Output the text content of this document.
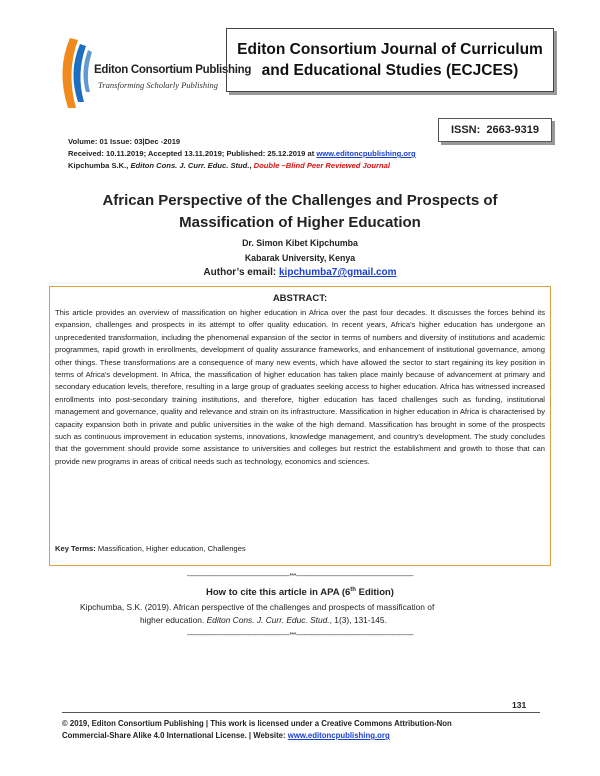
Editon Consortium Publishing
Transforming Scholarly Publishing
Editon Consortium Journal of Curriculum
and Educational Studies (ECJCES)
ISSN:
2663-9319
Volume: 01 Issue: 03|Dec -2019
Received: 10.11.2019; Accepted 13.11.2019; Published: 25.12.2019 at www.editoncpublishing.org
Kipchumba S.K., Editon Cons. J. Curr. Educ. Stud., Double –Blind Peer Reviewed Journal
African Perspective of the Challenges and Prospects of
Massification of Higher Education
Dr. Simon Kibet Kipchumba
Kabarak University, Kenya
Author’s email: kipchumba7@gmail.com
ABSTRACT:
This article provides an overview of massification on higher education in Africa over the past four decades. It discusses the forces behind its expansion, challenges and prospects in its attempt to offer quality education. In recent years, Africa's higher education has undergone an unprecedented transformation, including the phenomenal expansion of the sector in terms of numbers and diversity of institutions and academic programmes, rapid growth in enrollments, development of quality assurance frameworks, and enhancement of institutional governance, among other things. These transformations are a consequence of many new events, which have allowed the sector to start regaining its key position in terms of Africa's development. In Africa, the massification of higher education has taken place mainly because of advancement at primary and secondary education levels, therefore, resulting in a large group of graduates seeking access to higher education. Africa has witnessed increased enrollments into post-secondary training institutions, and therefore, higher education has faced challenges such as funding, institutional management and governance, quality and relevance and strain on its infrastructure. Massification in higher education in Africa is characterised by capacity expansion both in private and public universities in the wake of the high demand. Massification has brought in some of the prospects such as continuous improvement in education systems, innovations, knowledge management, and country's development. The study concludes that the government should provide some assistance to universities and colleges but restrict the establishment and growth to those that can provide new programs in areas of critical needs such as technology, economics and sciences.
Key Terms: Massification, Higher education, Challenges
--------------------------------------------------------***----------------------------------------------------------------
How to cite this article in APA (6th Edition)
Kipchumba, S.K. (2019). African perspective of the challenges and prospects of massification of
higher education. Editon Cons. J. Curr. Educ. Stud., 1(3), 131-145.
--------------------------------------------------------***----------------------------------------------------------------
131
© 2019, Editon Consortium Publishing | This work is licensed under a Creative Commons Attribution-Non
Commercial-Share Alike 4.0 International License. | Website: www.editoncpublishing.org
